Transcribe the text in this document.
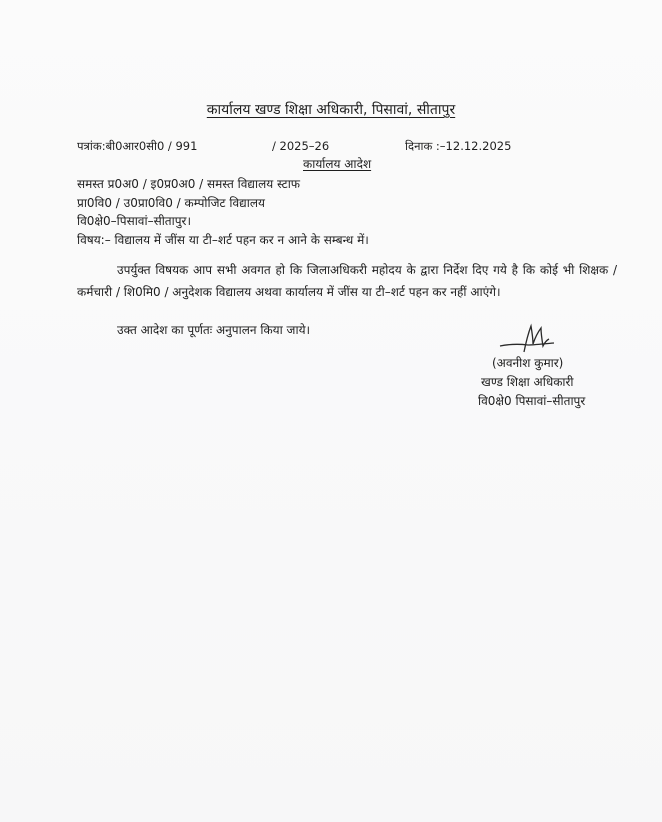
कार्यालय खण्ड शिक्षा अधिकारी, पिसावां, सीतापुर
पत्रांक:बी0आर0सी0 / 991	/ 2025–26	दिनाक :–12.12.2025
कार्यालय आदेश
समस्त प्र0अ0 / इ0प्र0अ0 / समस्त विद्यालय स्टाफ
प्रा0वि0 / उ0प्रा0वि0 / कम्पोजिट विद्यालय
वि0क्षे0–पिसावां–सीतापुर।
विषय:– विद्यालय में जींस या टी–शर्ट पहन कर न आने के सम्बन्ध में।
उपर्युक्त विषयक आप सभी अवगत हो कि जिलाअधिकरी महोदय के द्वारा निर्देश दिए गये है कि कोई भी शिक्षक / कर्मचारी / शि0मि0 / अनुदेशक विद्यालय अथवा कार्यालय में जींस या टी–शर्ट पहन कर नहीं आएंगे।
उक्त आदेश का पूर्णतः अनुपालन किया जाये।
(अवनीश कुमार)
खण्ड शिक्षा अधिकारी
वि0क्षे0 पिसावां–सीतापुर
